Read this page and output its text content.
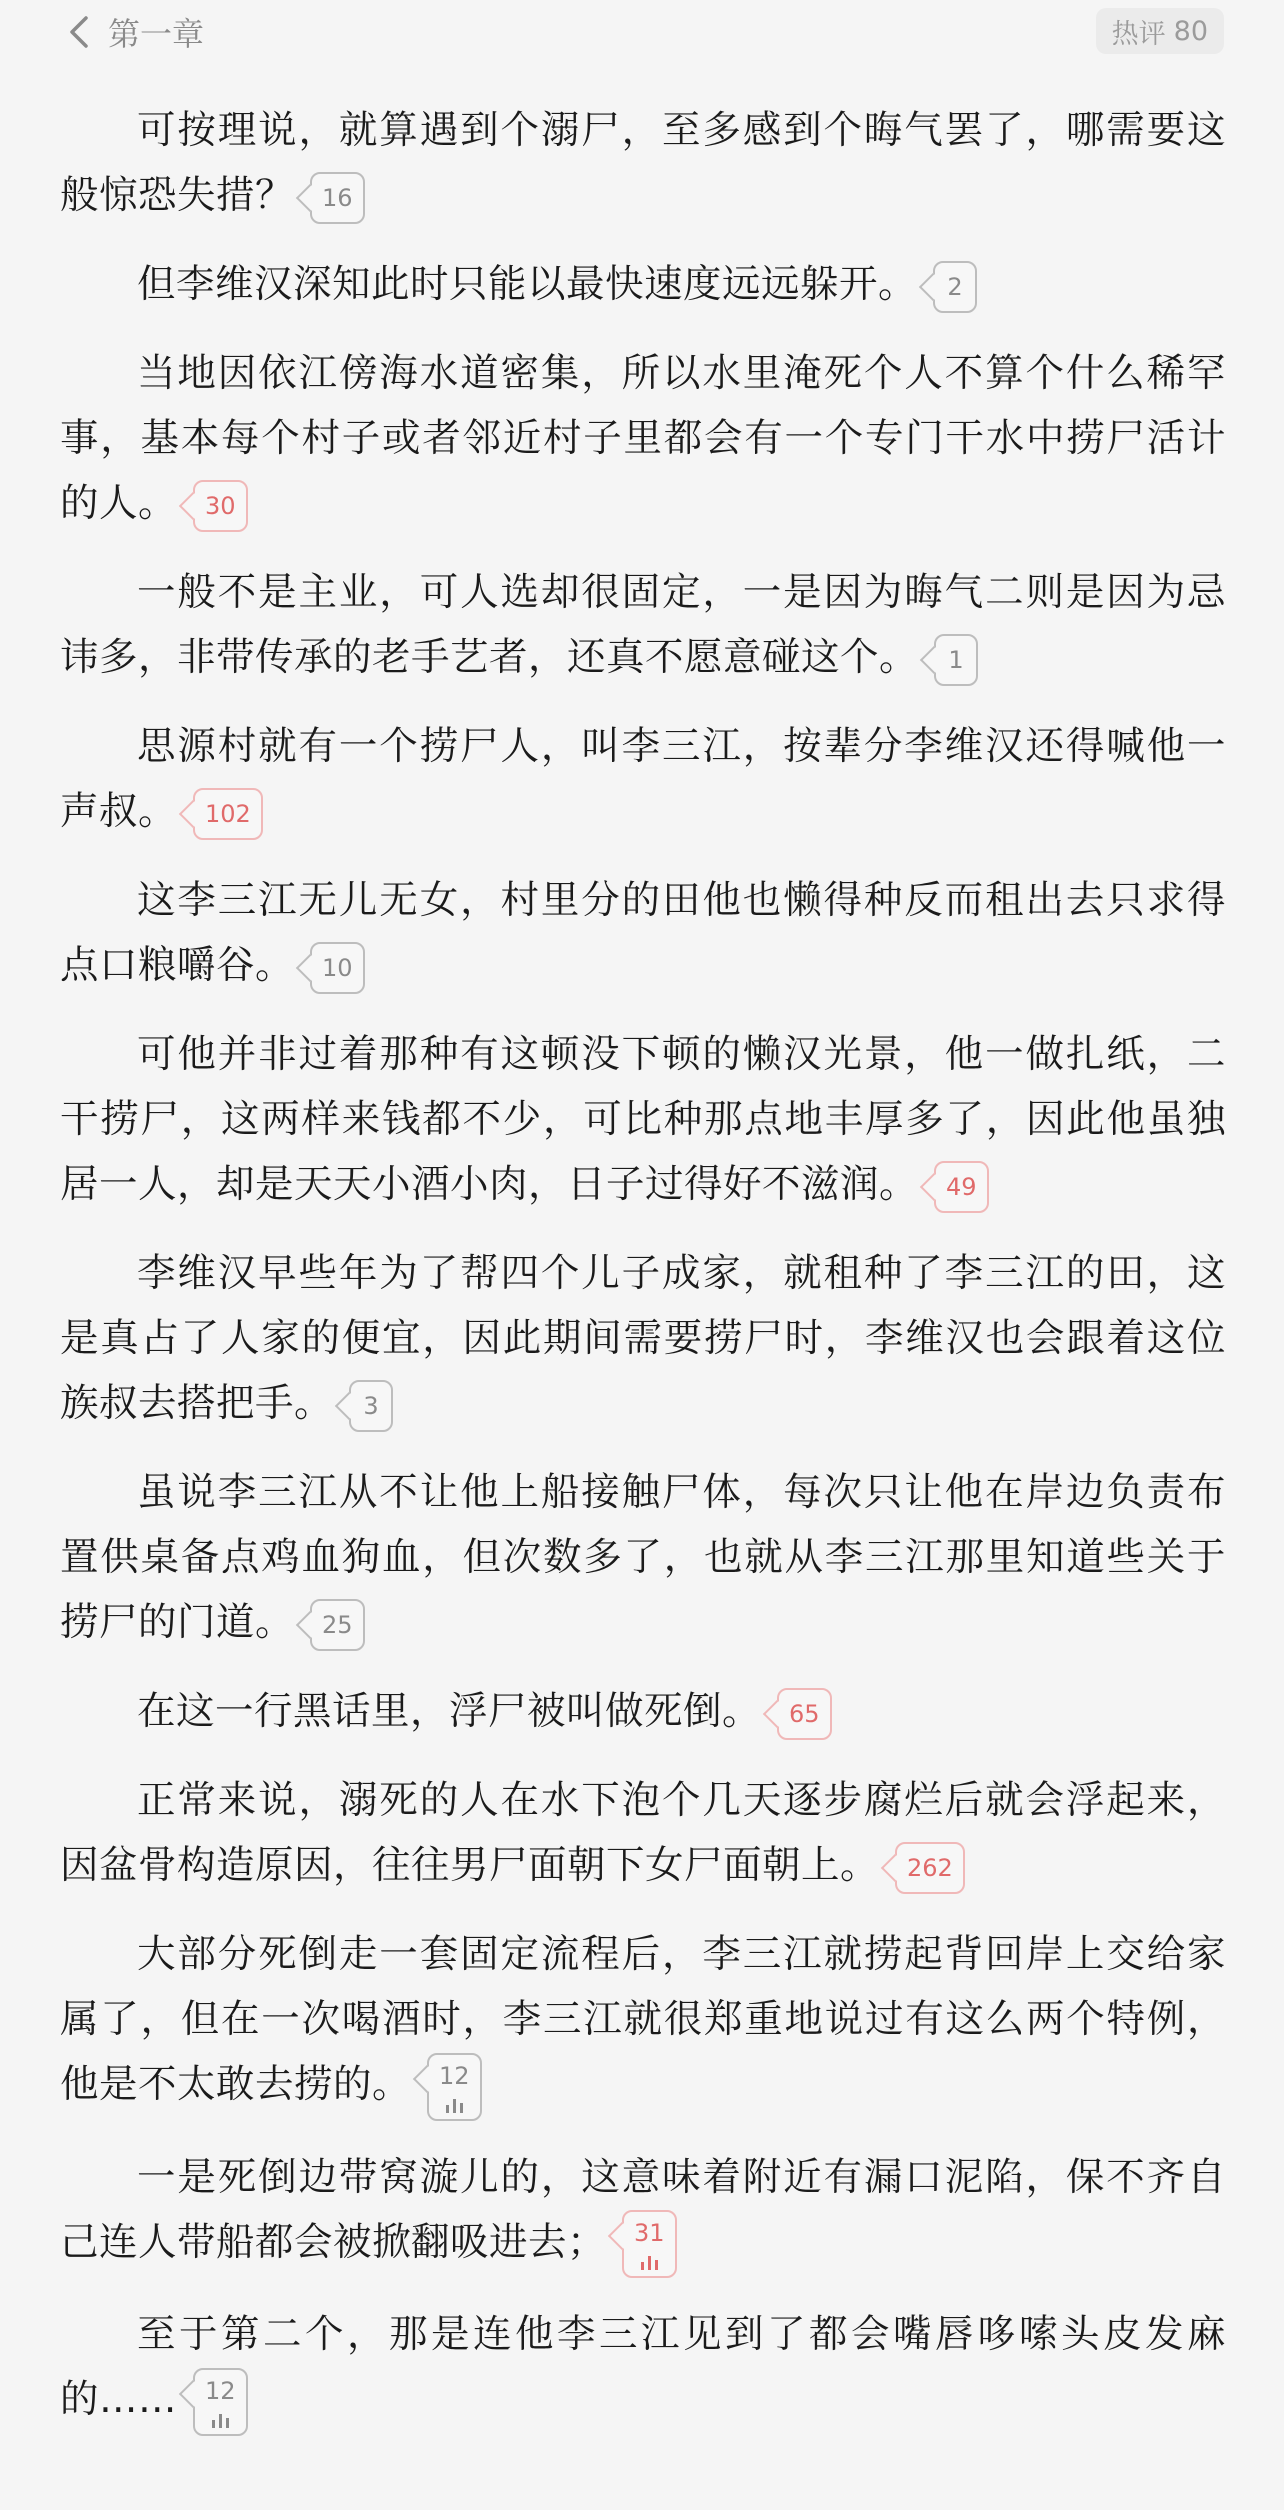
第一章	热评 80

可按理说，就算遇到个溺尸，至多感到个晦气罢了，哪需要这般惊恐失措？ 16

但李维汉深知此时只能以最快速度远远躲开。 2

当地因依江傍海水道密集，所以水里淹死个人不算个什么稀罕事，基本每个村子或者邻近村子里都会有一个专门干水中捞尸活计的人。 30

一般不是主业，可人选却很固定，一是因为晦气二则是因为忌讳多，非带传承的老手艺者，还真不愿意碰这个。 1

思源村就有一个捞尸人，叫李三江，按辈分李维汉还得喊他一声叔。 102

这李三江无儿无女，村里分的田他也懒得种反而租出去只求得点口粮嚼谷。 10

可他并非过着那种有这顿没下顿的懒汉光景，他一做扎纸，二干捞尸，这两样来钱都不少，可比种那点地丰厚多了，因此他虽独居一人，却是天天小酒小肉，日子过得好不滋润。 49

李维汉早些年为了帮四个儿子成家，就租种了李三江的田，这是真占了人家的便宜，因此期间需要捞尸时，李维汉也会跟着这位族叔去搭把手。 3

虽说李三江从不让他上船接触尸体，每次只让他在岸边负责布置供桌备点鸡血狗血，但次数多了，也就从李三江那里知道些关于捞尸的门道。 25

在这一行黑话里，浮尸被叫做死倒。 65

正常来说，溺死的人在水下泡个几天逐步腐烂后就会浮起来，因盆骨构造原因，往往男尸面朝下女尸面朝上。 262

大部分死倒走一套固定流程后，李三江就捞起背回岸上交给家属了，但在一次喝酒时，李三江就很郑重地说过有这么两个特例，他是不太敢去捞的。 12

一是死倒边带窝漩儿的，这意味着附近有漏口泥陷，保不齐自己连人带船都会被掀翻吸进去； 31

至于第二个，那是连他李三江见到了都会嘴唇哆嗦头皮发麻的…… 12
